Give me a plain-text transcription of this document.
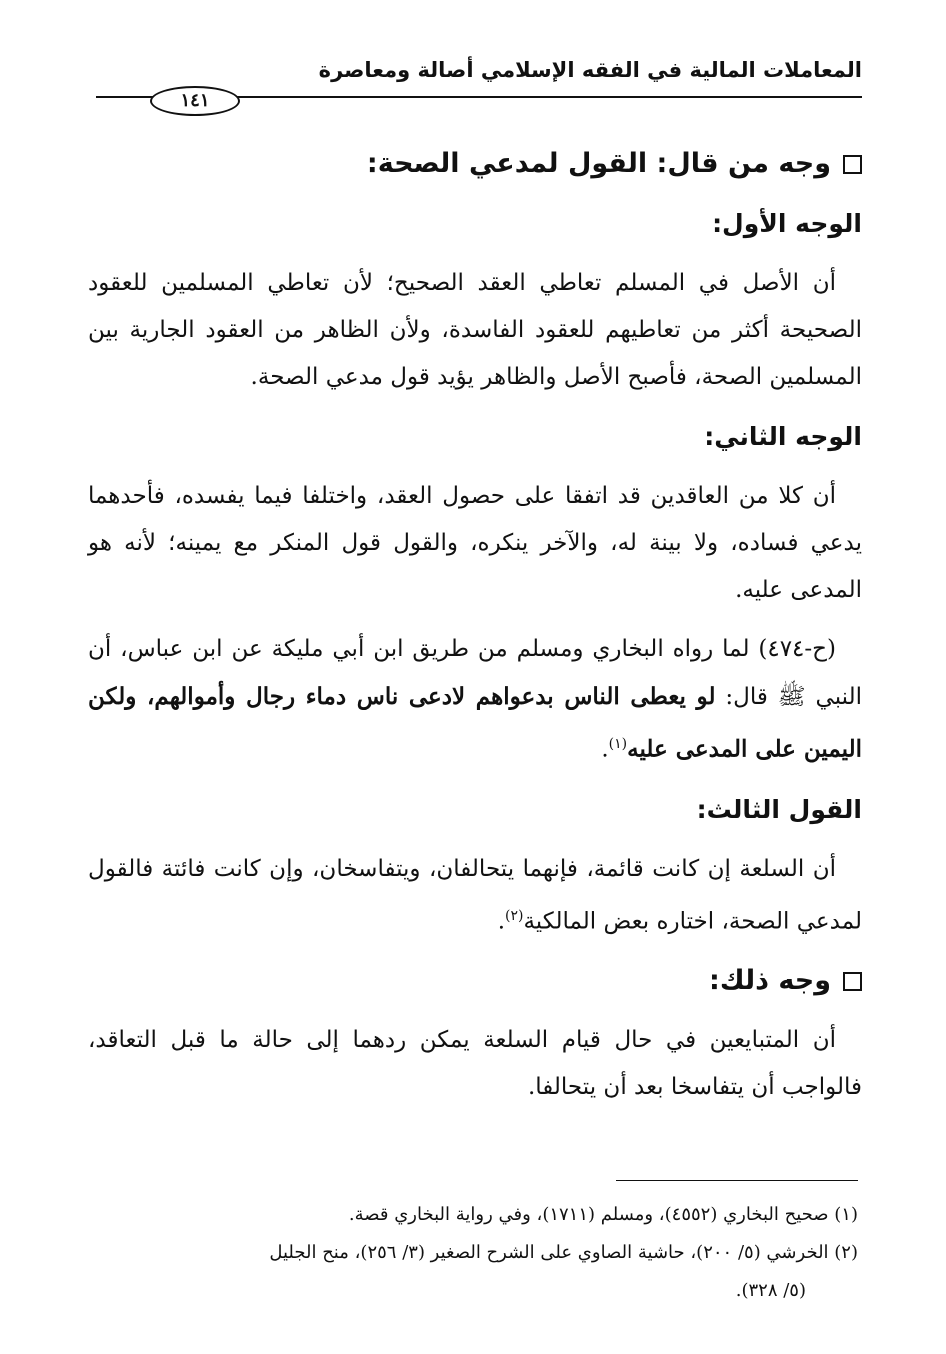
المعاملات المالية في الفقه الإسلامي أصالة ومعاصرة
١٤١
وجه من قال: القول لمدعي الصحة:
الوجه الأول:

أن الأصل في المسلم تعاطي العقد الصحيح؛ لأن تعاطي المسلمين للعقود الصحيحة أكثر من تعاطيهم للعقود الفاسدة، ولأن الظاهر من العقود الجارية بين المسلمين الصحة، فأصبح الأصل والظاهر يؤيد قول مدعي الصحة.

الوجه الثاني:

أن كلا من العاقدين قد اتفقا على حصول العقد، واختلفا فيما يفسده، فأحدهما يدعي فساده، ولا بينة له، والآخر ينكره، والقول قول المنكر مع يمينه؛ لأنه هو المدعى عليه.

(ح-٤٧٤) لما رواه البخاري ومسلم من طريق ابن أبي مليكة عن ابن عباس، أن النبي ﷺ قال: لو يعطى الناس بدعواهم لادعى ناس دماء رجال وأموالهم، ولكن اليمين على المدعى عليه$^{(١)}$.

القول الثالث:

أن السلعة إن كانت قائمة، فإنهما يتحالفان، ويتفاسخان، وإن كانت فائتة فالقول لمدعي الصحة، اختاره بعض المالكية$^{(٢)}$.

وجه ذلك:

أن المتبايعين في حال قيام السلعة يمكن ردهما إلى حالة ما قبل التعاقد، فالواجب أن يتفاسخا بعد أن يتحالفا.

(١) صحيح البخاري (٤٥٥٢)، ومسلم (١٧١١)، وفي رواية البخاري قصة.

(٢) الخرشي (٥/ ٢٠٠)، حاشية الصاوي على الشرح الصغير (٣/ ٢٥٦)، منح الجليل

(٥/ ٣٢٨).
